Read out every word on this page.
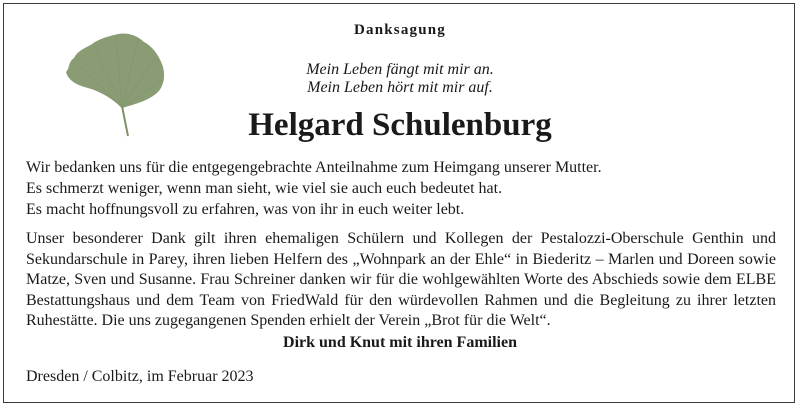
Danksagung
Mein Leben fängt mit mir an.
Mein Leben hört mit mir auf.
Helgard Schulenburg
Wir bedanken uns für die entgegengebrachte Anteilnahme zum Heimgang unserer Mutter.
Es schmerzt weniger, wenn man sieht, wie viel sie auch euch bedeutet hat.
Es macht hoffnungsvoll zu erfahren, was von ihr in euch weiter lebt.
Unser besonderer Dank gilt ihren ehemaligen Schülern und Kollegen der Pestalozzi-Oberschule Genthin und Sekundarschule in Parey, ihren lieben Helfern des „Wohnpark an der Ehle“ in Biederitz – Marlen und Doreen sowie Matze, Sven und Susanne. Frau Schreiner danken wir für die wohlgewählten Worte des Abschieds sowie dem ELBE Bestattungshaus und dem Team von FriedWald für den würdevollen Rahmen und die Begleitung zu ihrer letzten Ruhestätte. Die uns zugegangenen Spenden erhielt der Verein „Brot für die Welt“.
Dirk und Knut mit ihren Familien
Dresden / Colbitz, im Februar 2023
